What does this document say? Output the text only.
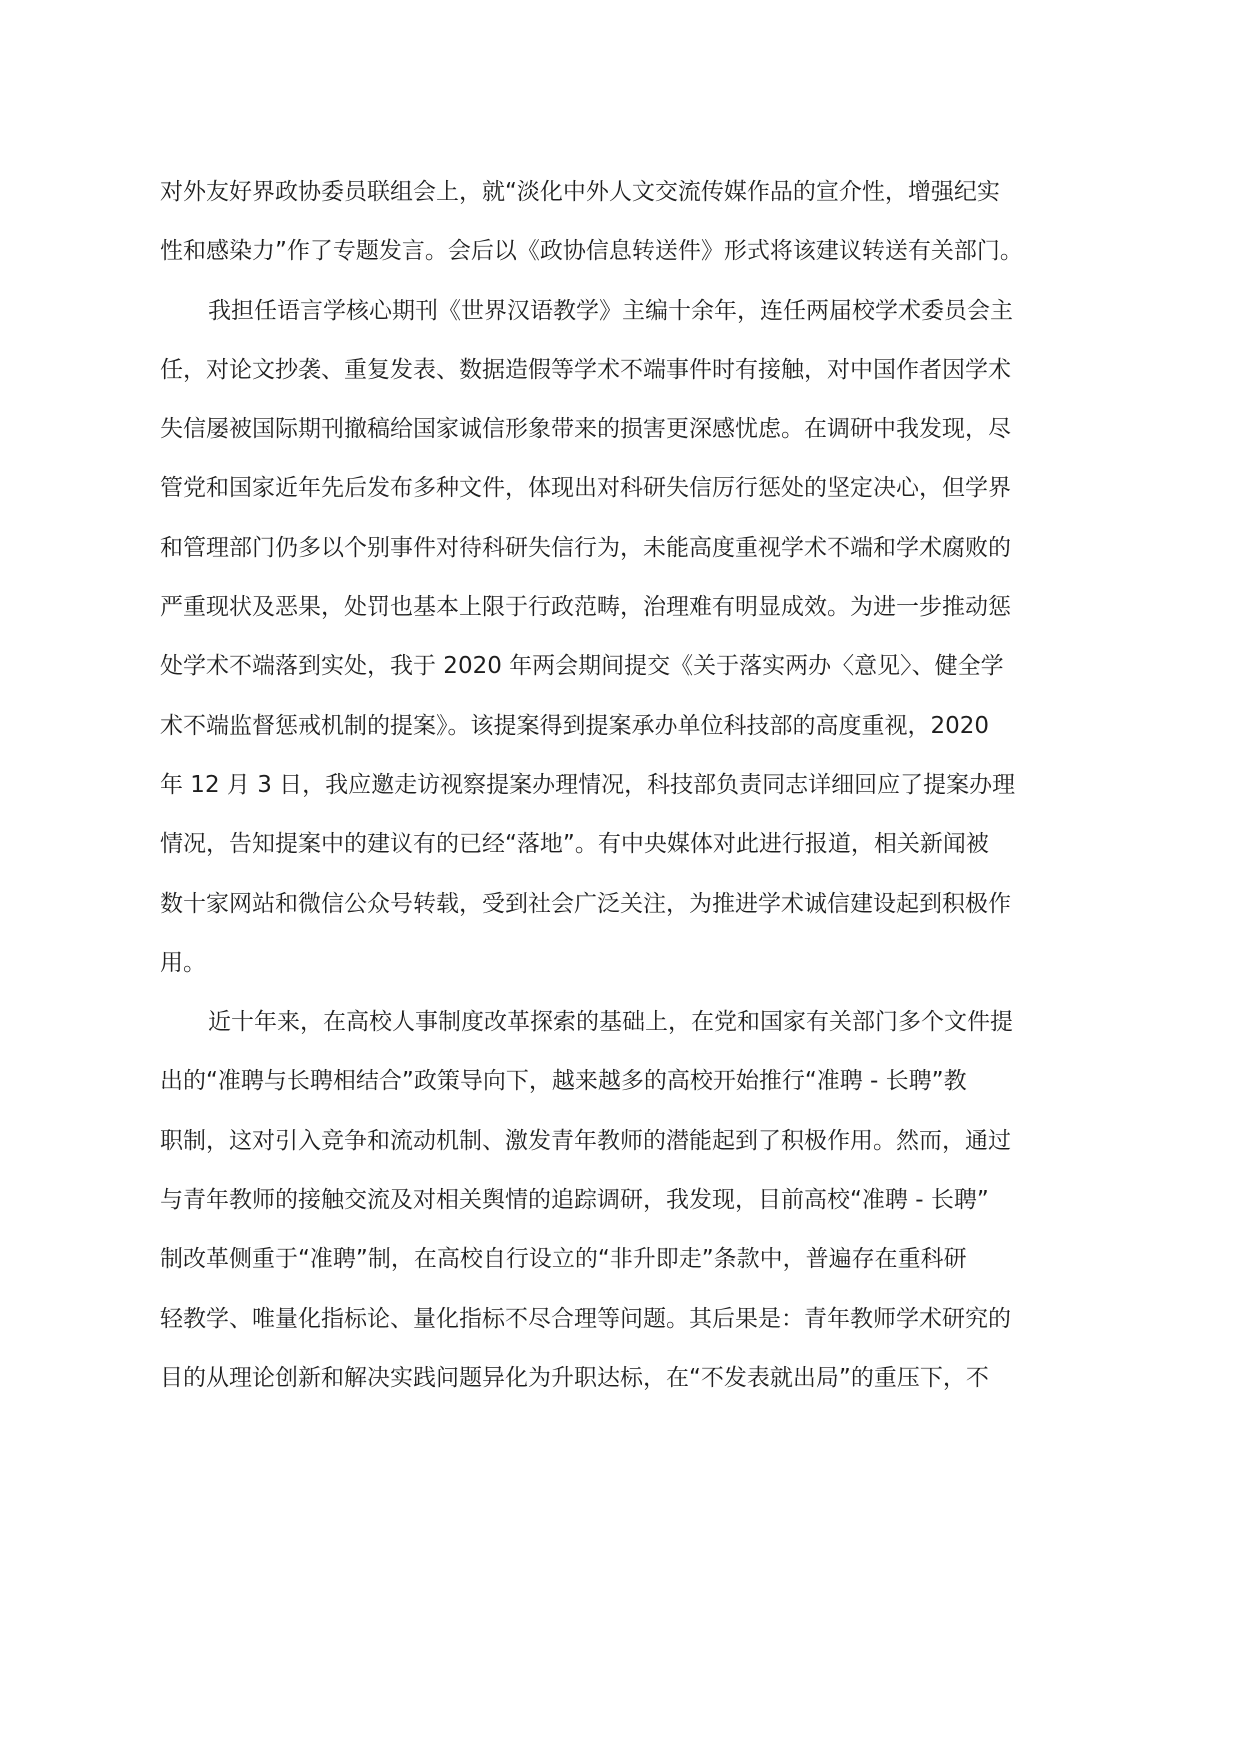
对外友好界政协委员联组会上，就“淡化中外人文交流传媒作品的宣介性，增强纪实
性和感染力”作了专题发言。会后以《政协信息转送件》形式将该建议转送有关部门。
我担任语言学核心期刊《世界汉语教学》主编十余年，连任两届校学术委员会主
任，对论文抄袭、重复发表、数据造假等学术不端事件时有接触，对中国作者因学术
失信屡被国际期刊撤稿给国家诚信形象带来的损害更深感忧虑。在调研中我发现，尽
管党和国家近年先后发布多种文件，体现出对科研失信厉行惩处的坚定决心，但学界
和管理部门仍多以个别事件对待科研失信行为，未能高度重视学术不端和学术腐败的
严重现状及恶果，处罚也基本上限于行政范畴，治理难有明显成效。为进一步推动惩
处学术不端落到实处，我于 2020 年两会期间提交《关于落实两办〈意见〉、健全学
术不端监督惩戒机制的提案》。该提案得到提案承办单位科技部的高度重视，2020
年 12 月 3 日，我应邀走访视察提案办理情况，科技部负责同志详细回应了提案办理
情况，告知提案中的建议有的已经“落地”。有中央媒体对此进行报道，相关新闻被
数十家网站和微信公众号转载，受到社会广泛关注，为推进学术诚信建设起到积极作
用。
近十年来，在高校人事制度改革探索的基础上，在党和国家有关部门多个文件提
出的“准聘与长聘相结合”政策导向下，越来越多的高校开始推行“准聘 - 长聘”教
职制，这对引入竞争和流动机制、激发青年教师的潜能起到了积极作用。然而，通过
与青年教师的接触交流及对相关舆情的追踪调研，我发现，目前高校“准聘 - 长聘”
制改革侧重于“准聘”制，在高校自行设立的“非升即走”条款中，普遍存在重科研
轻教学、唯量化指标论、量化指标不尽合理等问题。其后果是：青年教师学术研究的
目的从理论创新和解决实践问题异化为升职达标，在“不发表就出局”的重压下，不
